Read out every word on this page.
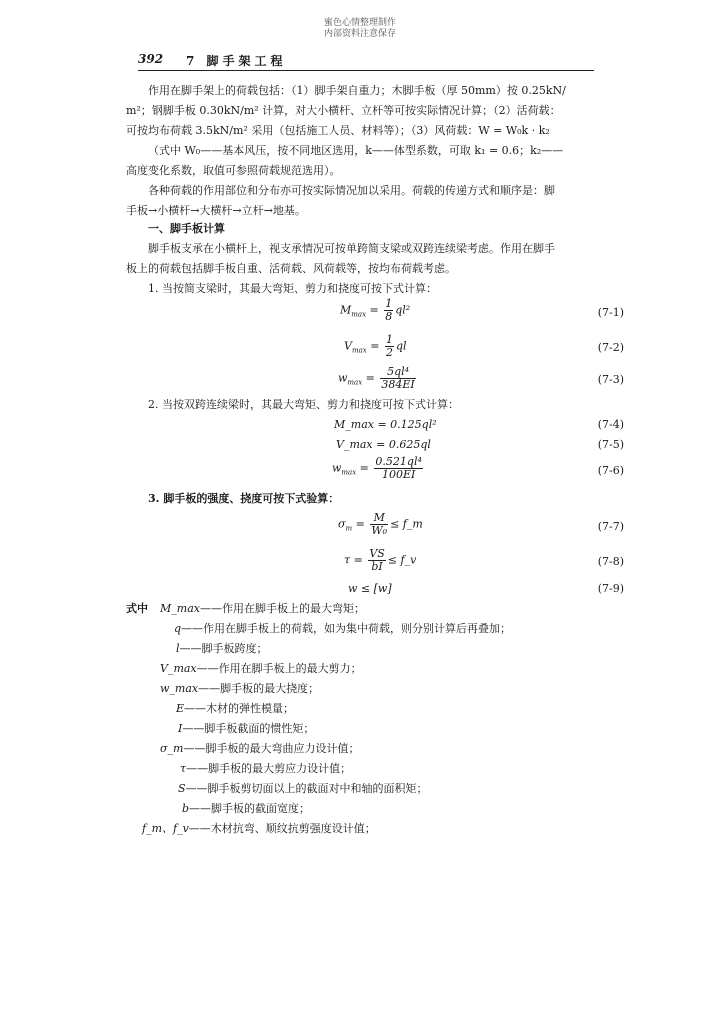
蜜色心情整理制作
内部资料注意保存
392 7 脚手架工程
作用在脚手架上的荷载包括：（1）脚手架自重力；木脚手板（厚 50mm）按 0.25kN/
m²；钢脚手板 0.30kN/m² 计算，对大小横杆、立杆等可按实际情况计算；（2）活荷载：
可按均布荷载 3.5kN/m² 采用（包括施工人员、材料等）；（3）风荷载：W = W₀k · k₂
（式中 W₀——基本风压，按不同地区选用，k——体型系数，可取 k₁ = 0.6；k₂——
高度变化系数，取值可参照荷载规范选用）。
各种荷载的作用部位和分布亦可按实际情况加以采用。荷载的传递方式和顺序是：脚
手板→小横杆→大横杆→立杆→地基。
一、脚手板计算
脚手板支承在小横杆上，视支承情况可按单跨简支梁或双跨连续梁考虑。作用在脚手
板上的荷载包括脚手板自重、活荷载、风荷载等，按均布荷载考虑。
1. 当按简支梁时，其最大弯矩、剪力和挠度可按下式计算：
$M_{max} = \frac{1}{8} ql^2$	(7-1)
$V_{max} = \frac{1}{2}$ ql	(7-2)
$w_{max} = \frac{\text{5ql⁴}}{384EI}$	(7-3)
2. 当按双跨连续梁时，其最大弯矩、剪力和挠度可按下式计算：
M_max = 0.125ql²	(7-4)
V_max = 0.625ql	(7-5)
$w_{max} = \frac{\text{0.521ql⁴}}{100EI}$	(7-6)
3. 脚手板的强度、挠度可按下式验算：
$\sigma_m = \frac{M}{\text{W₀}}$ ≤ f_m	(7-7)
$\tau = \frac{VS}{bI}$ ≤ f_v	(7-8)
w ≤ [w]	(7-9)
式中 M_max——作用在脚手板上的最大弯矩；
q——作用在脚手板上的荷载，如为集中荷载，则分别计算后再叠加；
l——脚手板跨度；
V_max——作用在脚手板上的最大剪力；
w_max——脚手板的最大挠度；
E——木材的弹性模量；
I——脚手板截面的惯性矩；
σ_m——脚手板的最大弯曲应力设计值；
τ——脚手板的最大剪应力设计值；
S——脚手板剪切面以上的截面对中和轴的面积矩；
b——脚手板的截面宽度；
f_m、f_v——木材抗弯、顺纹抗剪强度设计值；
